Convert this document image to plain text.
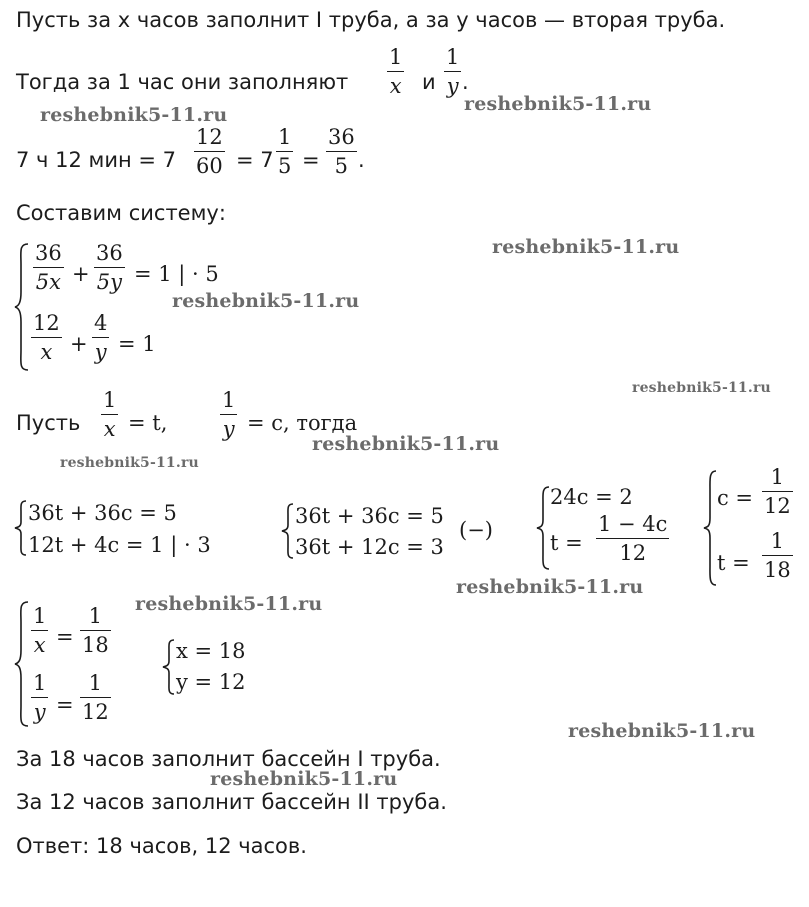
Пусть за x часов заполнит I труба, а за y часов — вторая труба.
Тогда за 1 час они заполняют
1
x и
1
y .
7 ч 12 мин = 7
12
60 = 7
1
5 =
36
5 .
Составим систему:
36
5x +
36
5y = 1 | · 5
12
x +
4
y = 1
Пусть
1
x = t,
1
y = c, тогда
36t + 36c = 5
12t + 4c = 1 | · 3
36t + 36c = 5
36t + 12c = 3
(−)
24c = 2
t =
1 − 4c
12
c =
1
12
t =
1
18
1
x =
1
18
1
y =
1
12
x = 18
y = 12
За 18 часов заполнит бассейн I труба.
За 12 часов заполнит бассейн II труба.
Ответ: 18 часов, 12 часов.
reshebnik5-11.ru	reshebnik5-11.ru
reshebnik5-11.ru
reshebnik5-11.ru
reshebnik5-11.ru
reshebnik5-11.ru
reshebnik5-11.ru
reshebnik5-11.ru
reshebnik5-11.ru
reshebnik5-11.ru
reshebnik5-11.ru
